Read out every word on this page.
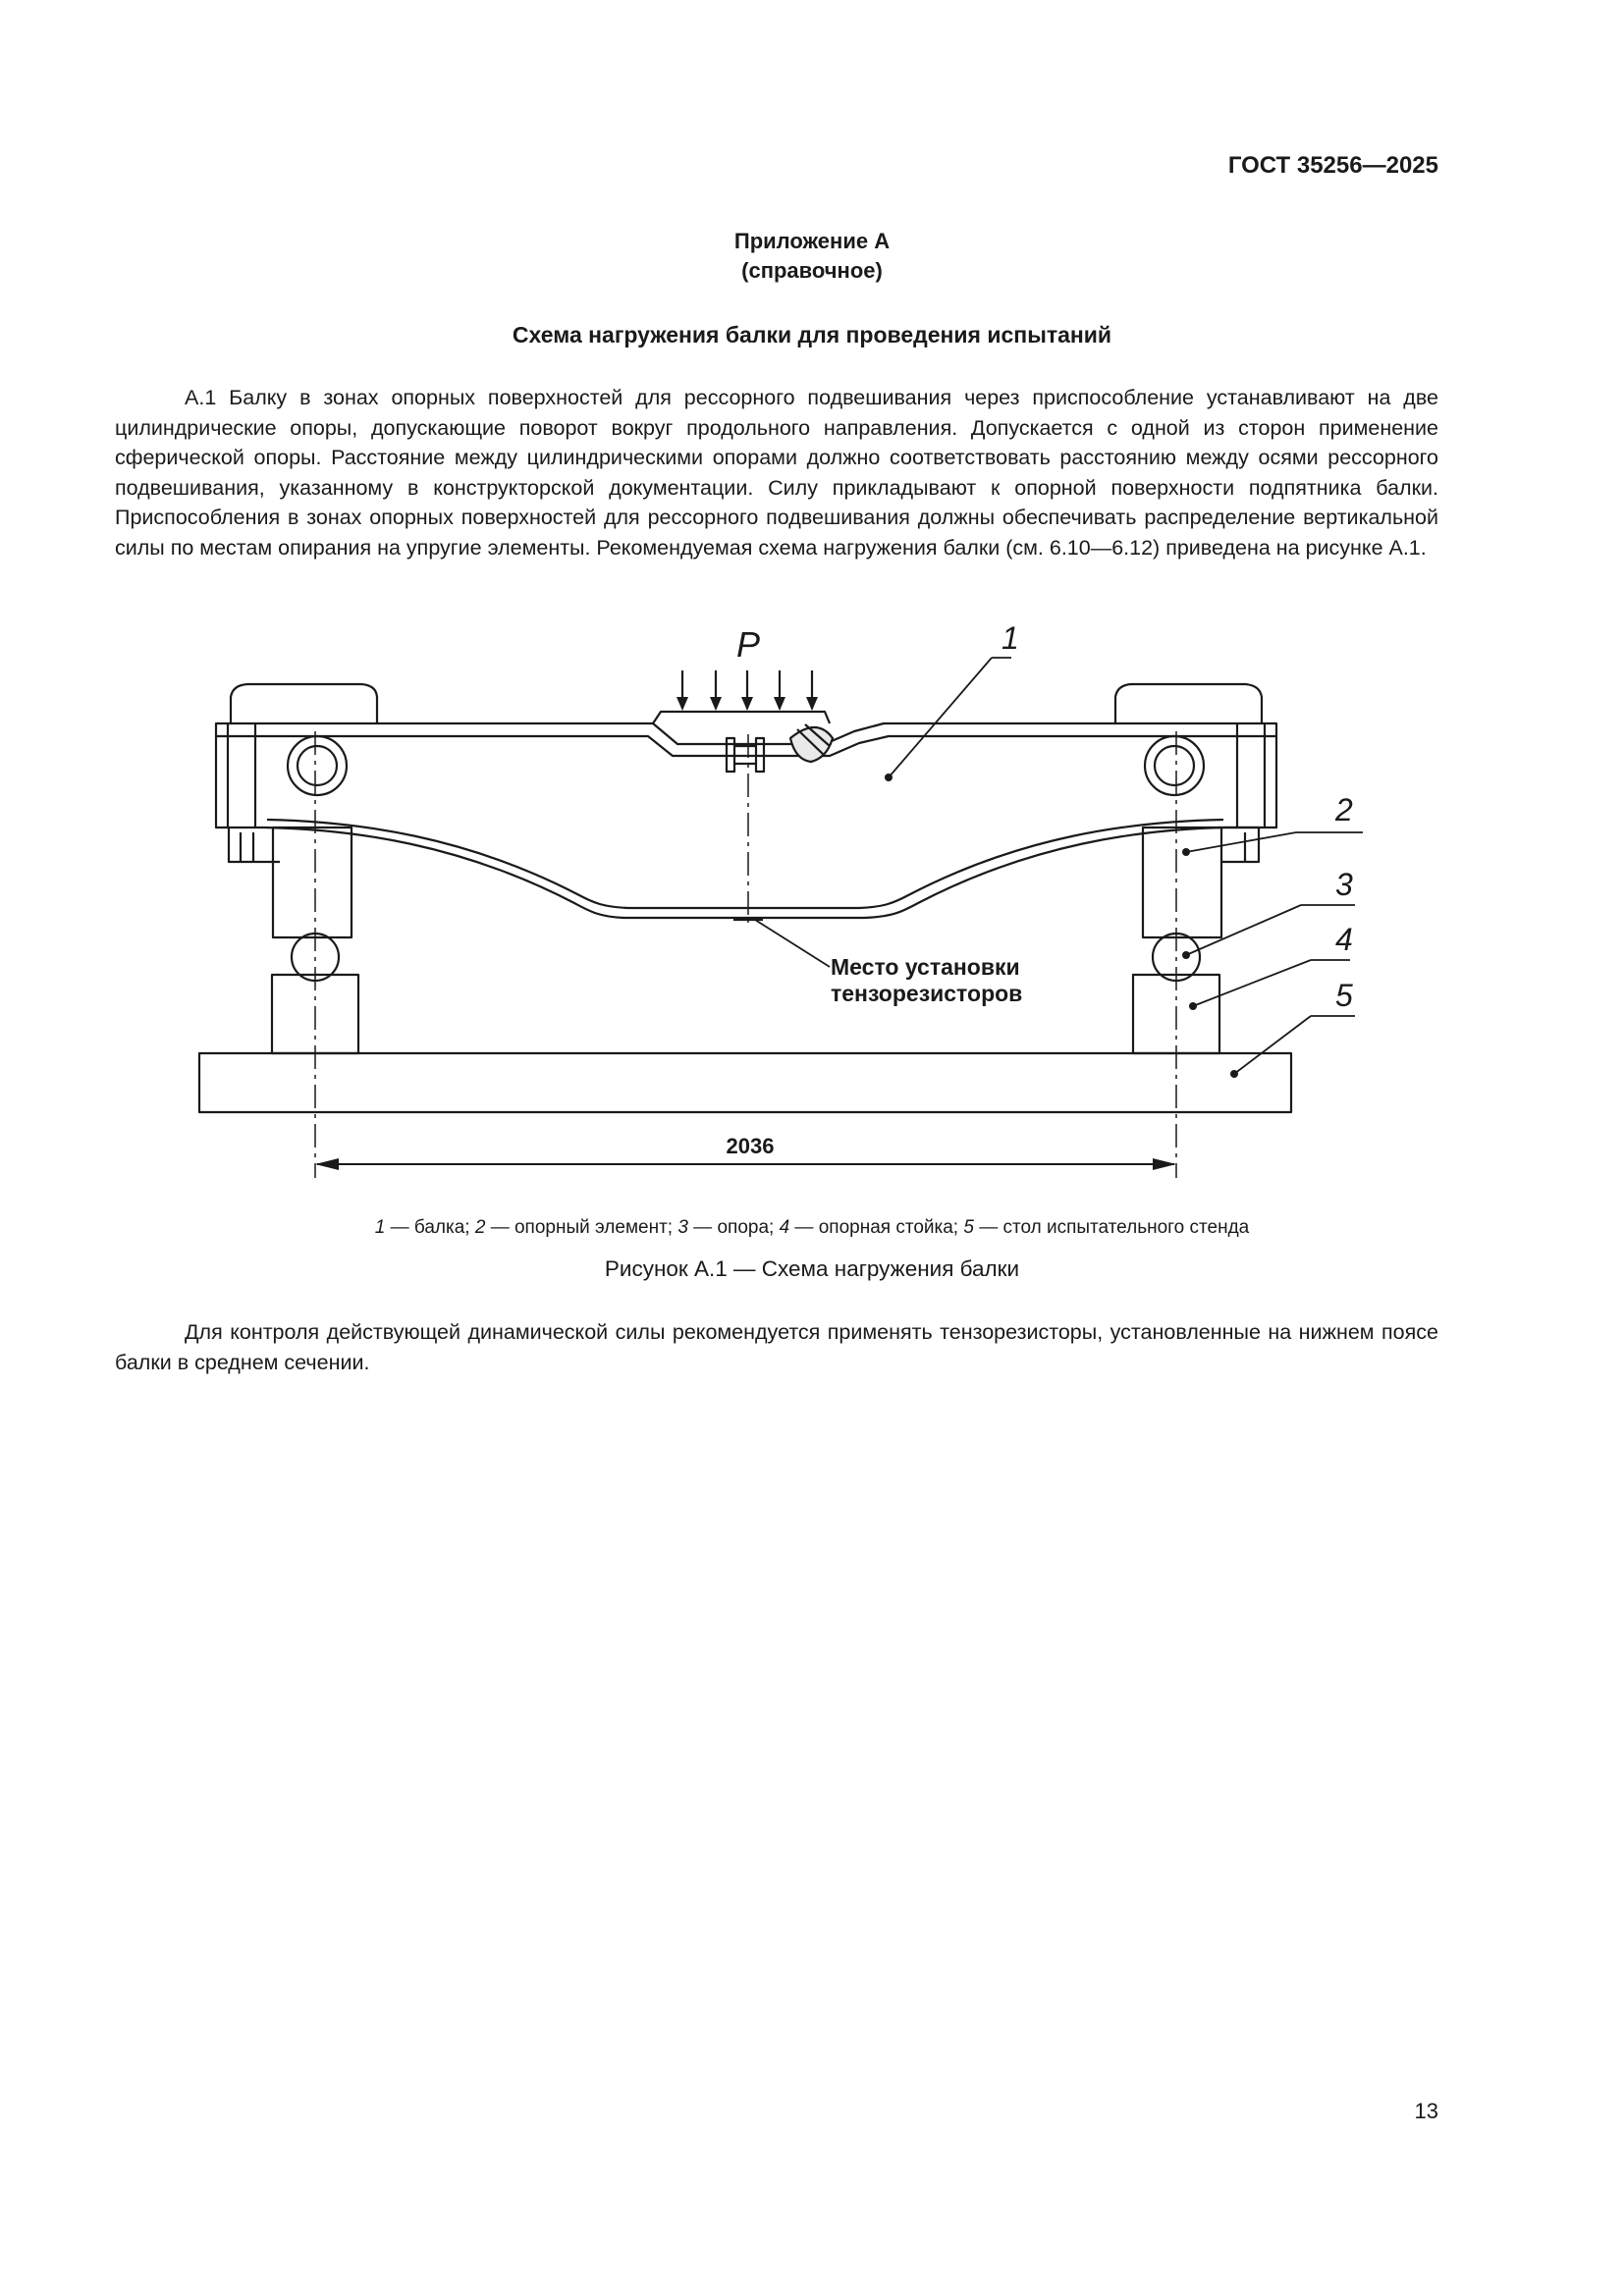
ГОСТ 35256—2025
Приложение А
(справочное)
Схема нагружения балки для проведения испытаний

А.1 Балку в зонах опорных поверхностей для рессорного подвешивания через приспособление устанавливают на две цилиндрические опоры, допускающие поворот вокруг продольного направления. Допускается с одной из сторон применение сферической опоры. Расстояние между цилиндрическими опорами должно соответствовать расстоянию между осями рессорного подвешивания, указанному в конструкторской документации. Силу прикладывают к опорной поверхности подпятника балки. Приспособления в зонах опорных поверхностей для рессорного подвешивания должны обеспечивать распределение вертикальной силы по местам опирания на упругие элементы. Рекомендуемая схема нагружения балки (см. 6.10—6.12) приведена на рисунке А.1.

2036
P	1
2
3
4
5
Место установки
тензорезисторов
1 — балка; 2 — опорный элемент; 3 — опора; 4 — опорная стойка; 5 — стол испытательного стенда
Рисунок А.1 — Схема нагружения балки

Для контроля действующей динамической силы рекомендуется применять тензорезисторы, установленные на нижнем поясе балки в среднем сечении.

13
